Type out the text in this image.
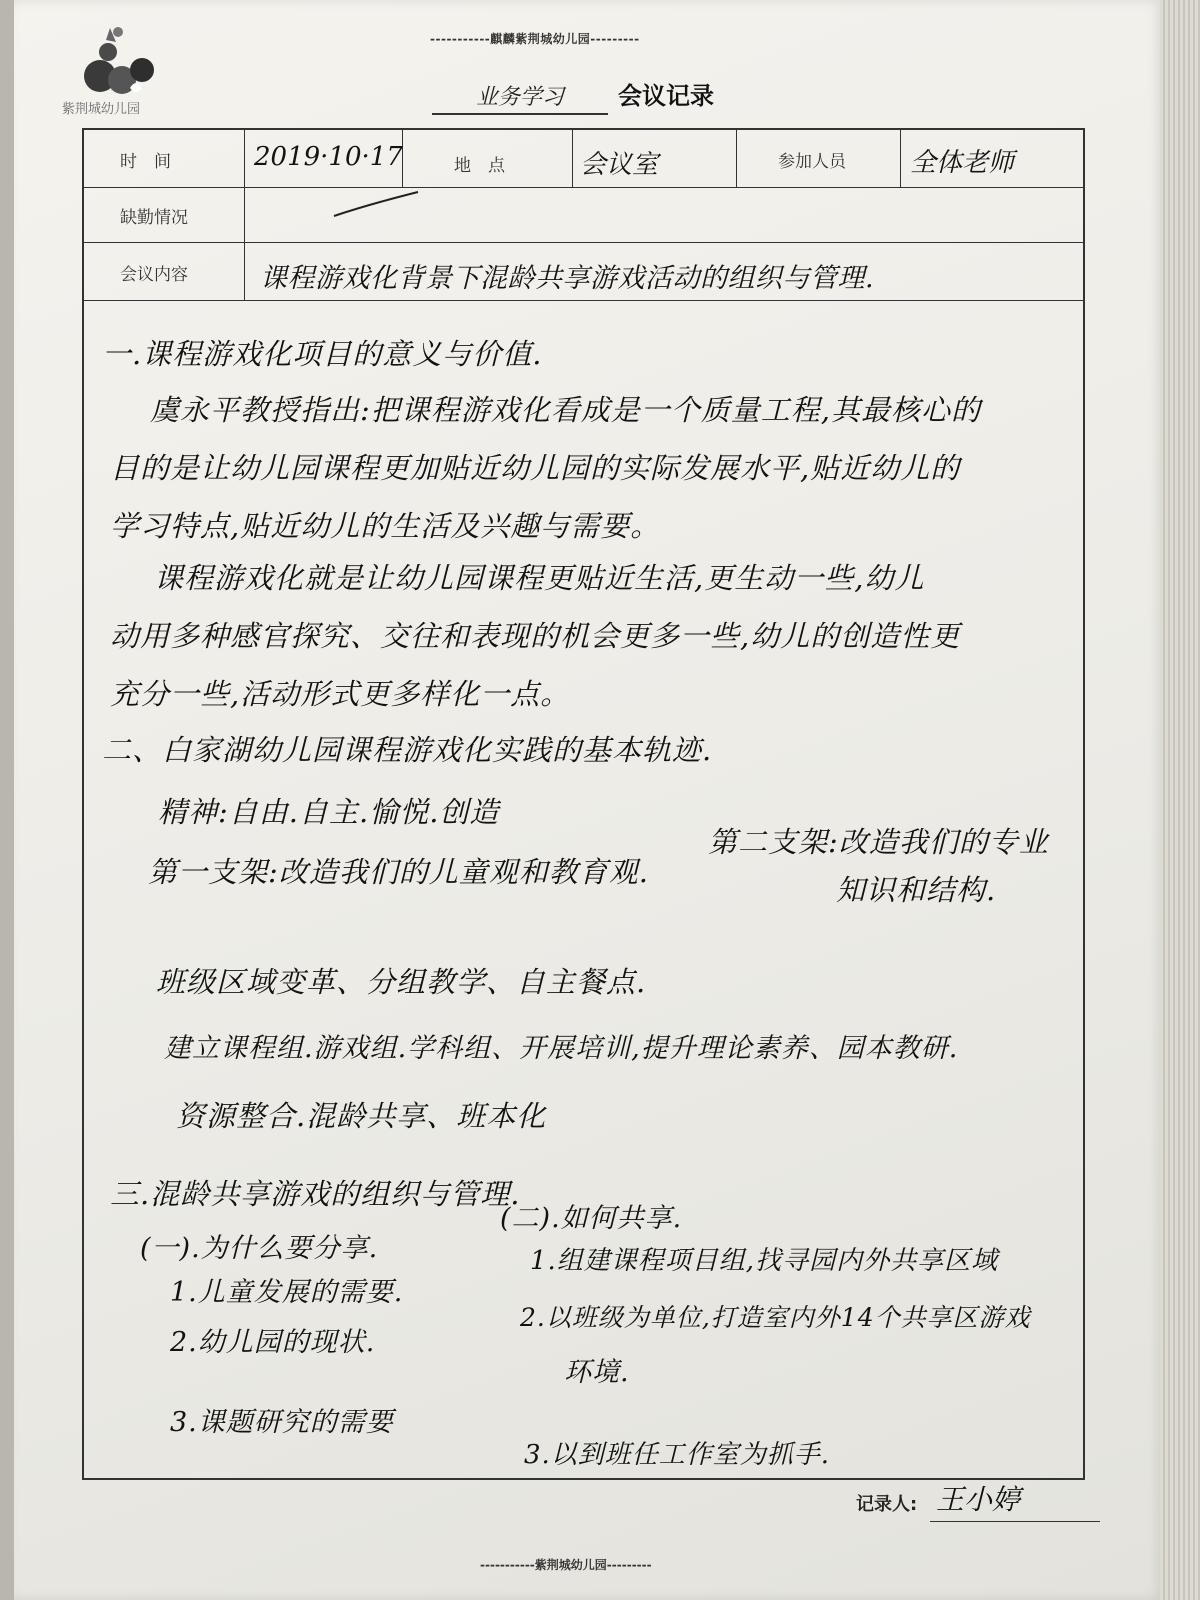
紫荆城幼儿园
-----------麒麟紫荆城幼儿园---------
业务学习 会议记录
时　间	2019·10·17	地　点	会议室	参加人员 全体老师
缺勤情况
会议内容	课程游戏化背景下混龄共享游戏活动的组织与管理.
一.课程游戏化项目的意义与价值.
虞永平教授指出:把课程游戏化看成是一个质量工程,其最核心的
目的是让幼儿园课程更加贴近幼儿园的实际发展水平,贴近幼儿的
学习特点,贴近幼儿的生活及兴趣与需要。
课程游戏化就是让幼儿园课程更贴近生活,更生动一些,幼儿
动用多种感官探究、交往和表现的机会更多一些,幼儿的创造性更
充分一些,活动形式更多样化一点。
二、白家湖幼儿园课程游戏化实践的基本轨迹.
精神:自由.自主.愉悦.创造
第一支架:改造我们的儿童观和教育观.
第二支架:改造我们的专业
知识和结构.
班级区域变革、分组教学、自主餐点.
建立课程组.游戏组.学科组、开展培训,提升理论素养、园本教研.
资源整合.混龄共享、班本化
三.混龄共享游戏的组织与管理.
(一).为什么要分享.
1.儿童发展的需要.
2.幼儿园的现状.
3.课题研究的需要
(二).如何共享.
1.组建课程项目组,找寻园内外共享区域
2.以班级为单位,打造室内外14个共享区游戏
环境.
3.以到班任工作室为抓手.
记录人: 王小婷
-----------紫荆城幼儿园---------
